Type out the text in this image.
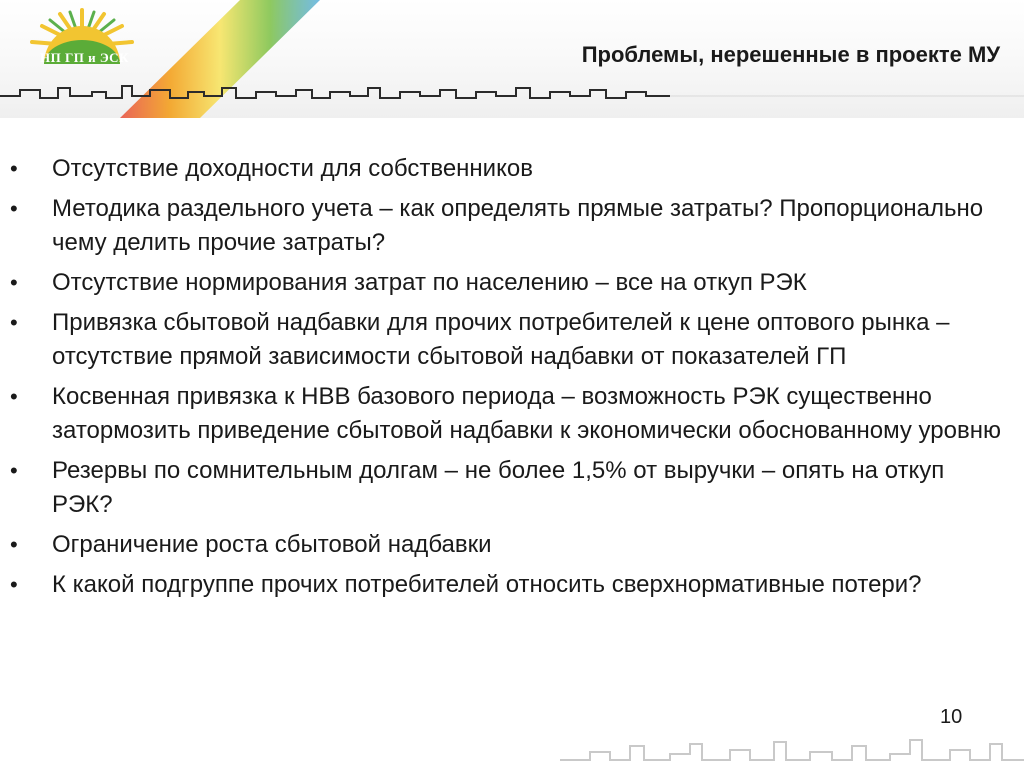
НП ГП и ЭСК	Проблемы, нерешенные в проекте МУ
•	Отсутствие доходности для собственников
•	Методика раздельного учета – как определять прямые затраты? Пропорционально чему делить прочие затраты?
•	Отсутствие нормирования затрат по населению – все на откуп РЭК
•	Привязка сбытовой надбавки для прочих потребителей к цене оптового рынка – отсутствие прямой зависимости сбытовой надбавки от показателей ГП
•	Косвенная привязка к НВВ базового периода – возможность РЭК существенно затормозить приведение сбытовой надбавки к экономически обоснованному уровню
•	Резервы по сомнительным долгам – не более 1,5% от выручки – опять на откуп РЭК?
•	Ограничение роста сбытовой надбавки
•	К какой подгруппе прочих потребителей относить сверхнормативные потери?
10
